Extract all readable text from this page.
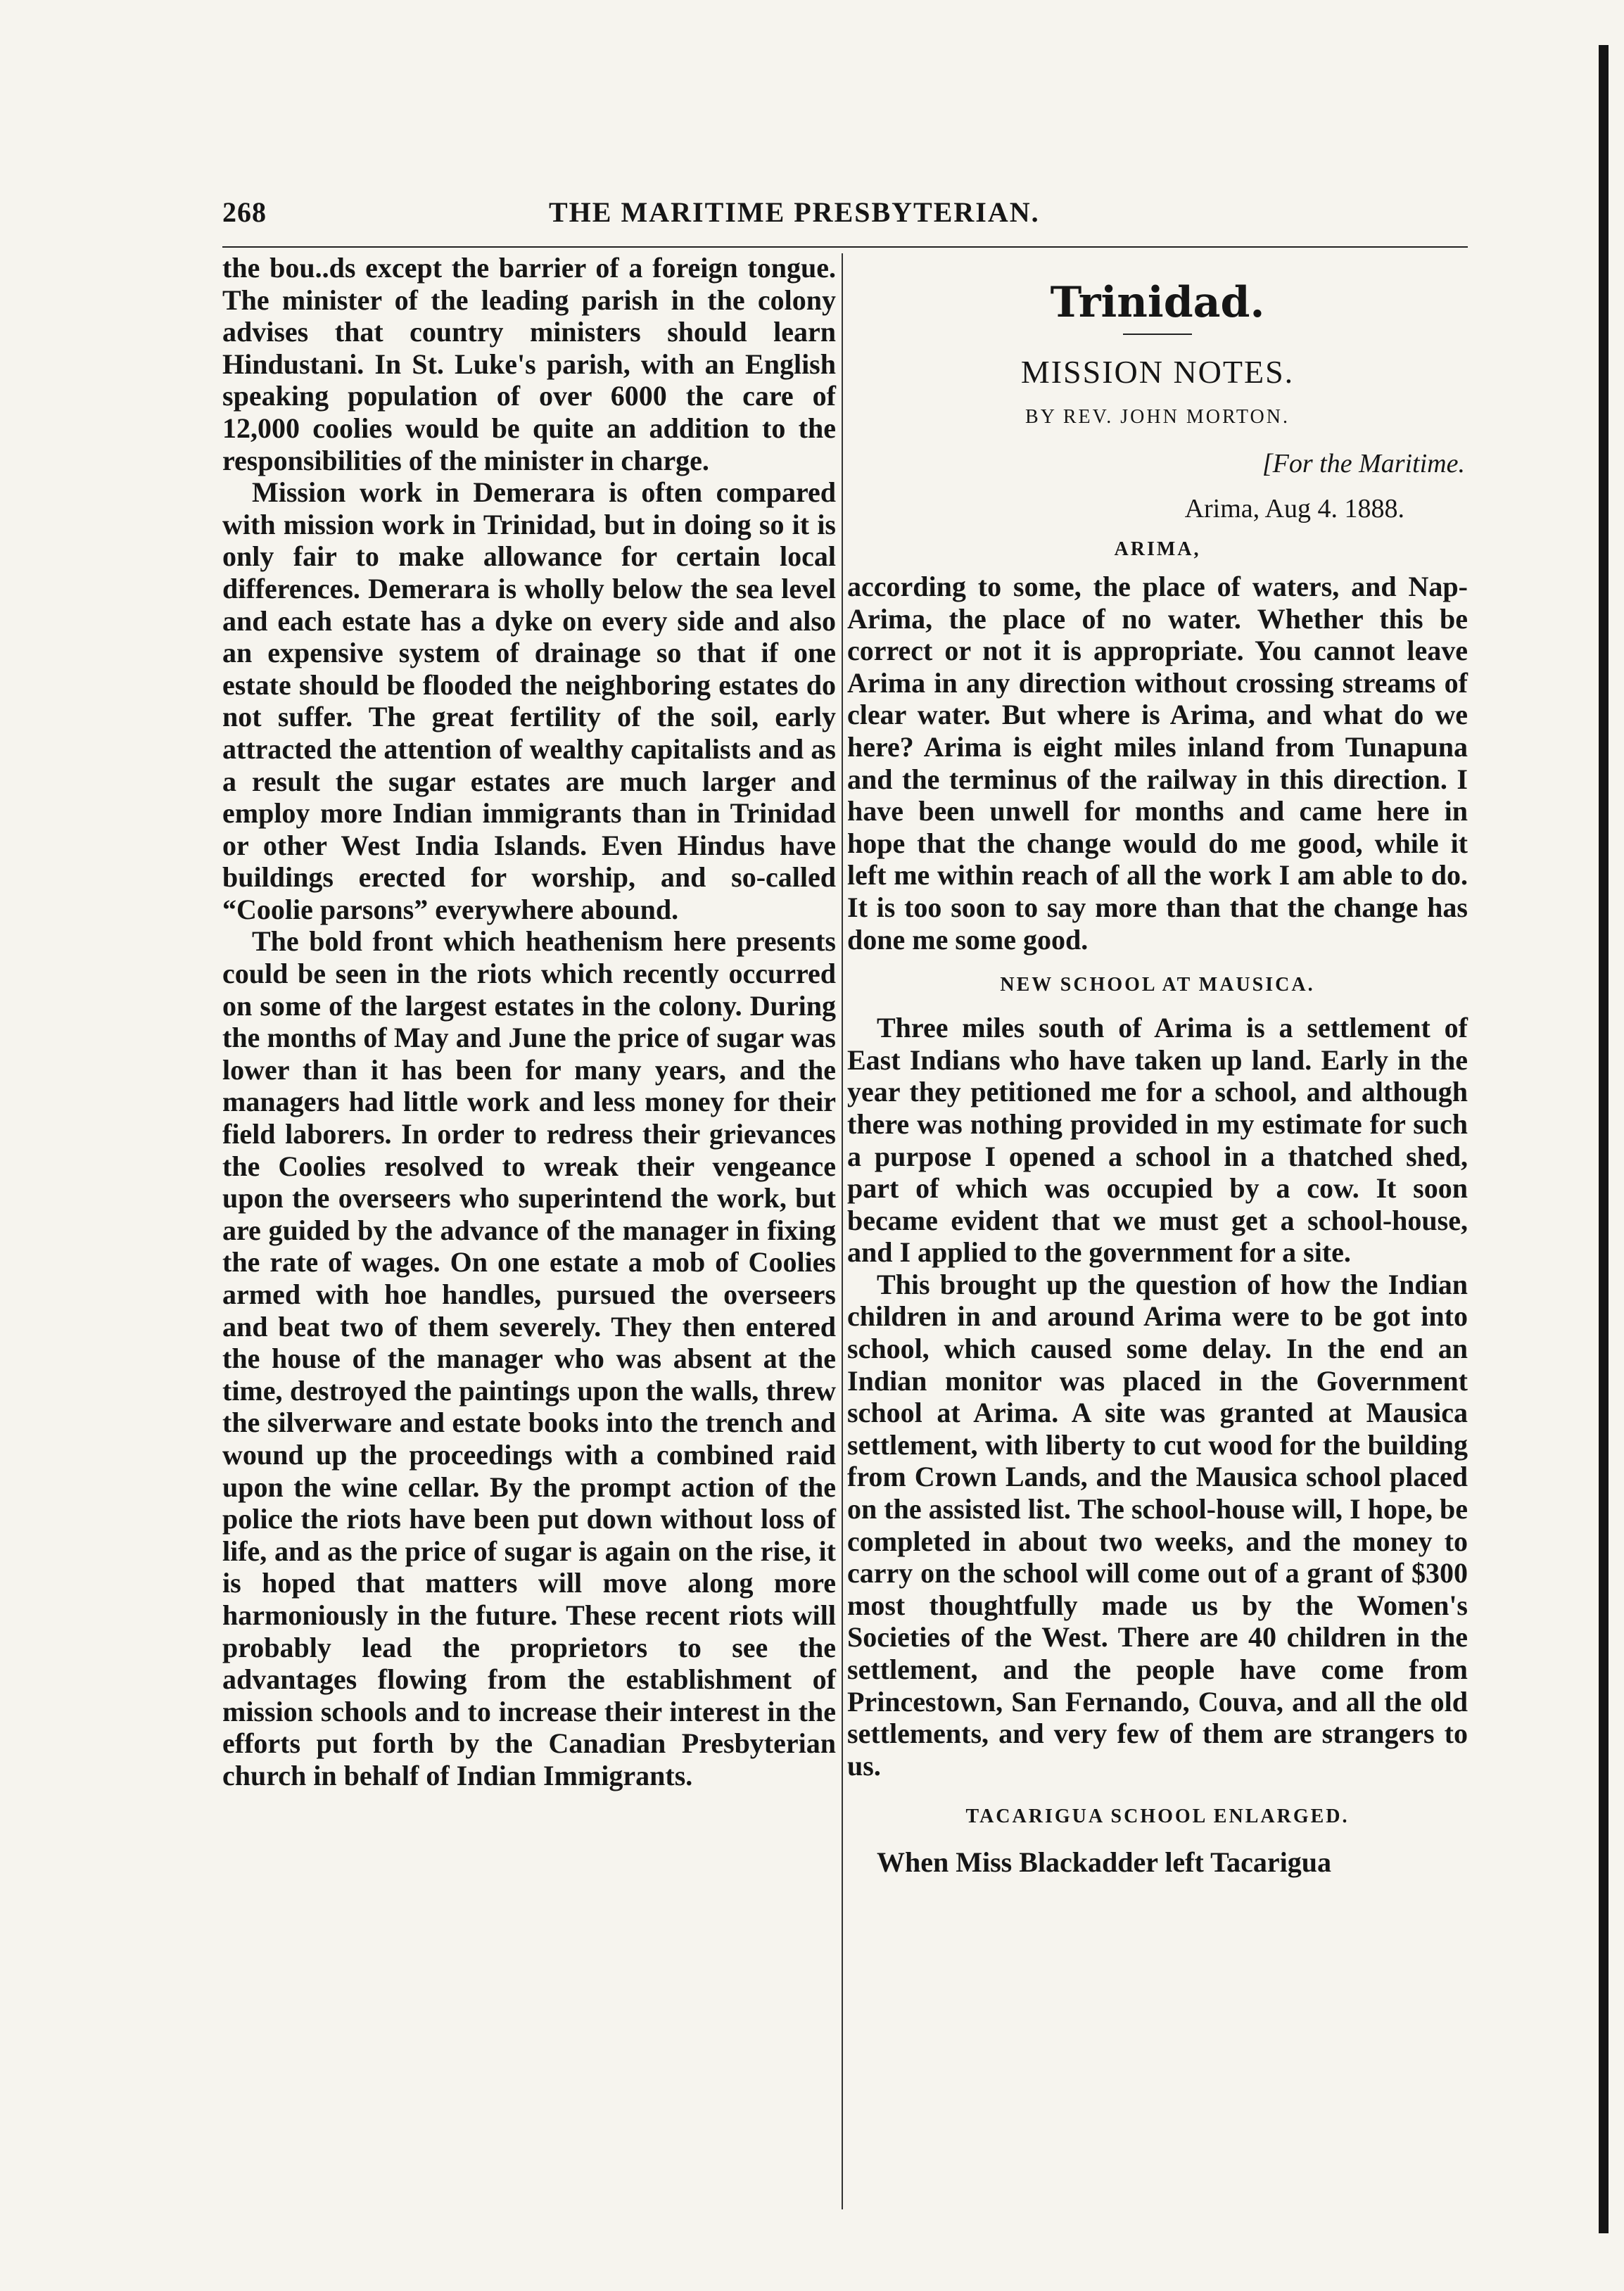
268	THE MARITIME PRESBYTERIAN.

the bou..ds except the barrier of a foreign tongue. The minister of the leading parish in the colony advises that country ministers should learn Hindustani. In St. Luke's parish, with an English speaking population of over 6000 the care of 12,000 coolies would be quite an addition to the responsibilities of the minister in charge.

Mission work in Demerara is often compared with mission work in Trinidad, but in doing so it is only fair to make allowance for certain local differences. Demerara is wholly below the sea level and each estate has a dyke on every side and also an expensive system of drainage so that if one estate should be flooded the neighboring estates do not suffer. The great fertility of the soil, early attracted the attention of wealthy capitalists and as a result the sugar estates are much larger and employ more Indian immigrants than in Trinidad or other West India Islands. Even Hindus have buildings erected for worship, and so-called “Coolie parsons” everywhere abound.

The bold front which heathenism here presents could be seen in the riots which recently occurred on some of the largest estates in the colony. During the months of May and June the price of sugar was lower than it has been for many years, and the managers had little work and less money for their field laborers. In order to redress their grievances the Coolies resolved to wreak their vengeance upon the overseers who superintend the work, but are guided by the advance of the manager in fixing the rate of wages. On one estate a mob of Coolies armed with hoe handles, pursued the overseers and beat two of them severely. They then entered the house of the manager who was absent at the time, destroyed the paintings upon the walls, threw the silverware and estate books into the trench and wound up the proceedings with a combined raid upon the wine cellar. By the prompt action of the police the riots have been put down without loss of life, and as the price of sugar is again on the rise, it is hoped that matters will move along more harmoniously in the future. These recent riots will probably lead the proprietors to see the advantages flowing from the establishment of mission schools and to increase their interest in the efforts put forth by the Canadian Presbyterian church in behalf of Indian Immigrants.

Trinidad.
MISSION NOTES.
BY REV. JOHN MORTON.
[For the Maritime.
Arima, Aug 4. 1888.
ARIMA,

according to some, the place of waters, and Nap-Arima, the place of no water. Whether this be correct or not it is appropriate. You cannot leave Arima in any direction without crossing streams of clear water. But where is Arima, and what do we here? Arima is eight miles inland from Tunapuna and the terminus of the railway in this direction. I have been unwell for months and came here in hope that the change would do me good, while it left me within reach of all the work I am able to do. It is too soon to say more than that the change has done me some good.

NEW SCHOOL AT MAUSICA.

Three miles south of Arima is a settlement of East Indians who have taken up land. Early in the year they petitioned me for a school, and although there was nothing provided in my estimate for such a purpose I opened a school in a thatched shed, part of which was occupied by a cow. It soon became evident that we must get a school-house, and I applied to the government for a site.

This brought up the question of how the Indian children in and around Arima were to be got into school, which caused some delay. In the end an Indian monitor was placed in the Government school at Arima. A site was granted at Mausica settlement, with liberty to cut wood for the building from Crown Lands, and the Mausica school placed on the assisted list. The school-house will, I hope, be completed in about two weeks, and the money to carry on the school will come out of a grant of $300 most thoughtfully made us by the Women's Societies of the West. There are 40 children in the settlement, and the people have come from Princestown, San Fernando, Couva, and all the old settlements, and very few of them are strangers to us.

TACARIGUA SCHOOL ENLARGED.

When Miss Blackadder left Tacarigua
